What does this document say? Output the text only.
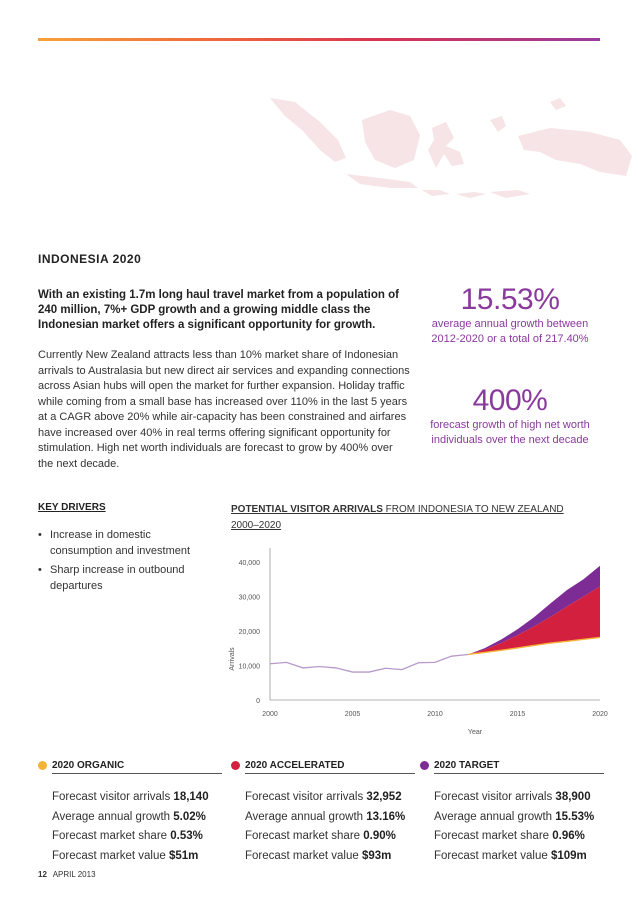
INDONESIA 2020
With an existing 1.7m long haul travel market from a population of 240 million, 7%+ GDP growth and a growing middle class the Indonesian market offers a significant opportunity for growth.
Currently New Zealand attracts less than 10% market share of Indonesian arrivals to Australasia but new direct air services and expanding connections across Asian hubs will open the market for further expansion. Holiday traffic while coming from a small base has increased over 110% in the last 5 years at a CAGR above 20% while air-capacity has been constrained and airfares have increased over 40% in real terms offering significant opportunity for stimulation. High net worth individuals are forecast to grow by 400% over the next decade.
15.53%
average annual growth between 2012-2020 or a total of 217.40%
400%
forecast growth of high net worth individuals over the next decade
KEY DRIVERS
• Increase in domestic consumption and investment
• Sharp increase in outbound departures
POTENTIAL VISITOR ARRIVALS FROM INDONESIA TO NEW ZEALAND
2000–2020
0
10,000
20,000
30,000
40,000
2000	2005	2010	2015	2020
Year
Arrivals
2020 ORGANIC
Forecast visitor arrivals 18,140
Average annual growth 5.02%
Forecast market share 0.53%
Forecast market value $51m
2020 ACCELERATED
Forecast visitor arrivals 32,952
Average annual growth 13.16%
Forecast market share 0.90%
Forecast market value $93m
2020 TARGET
Forecast visitor arrivals 38,900
Average annual growth 15.53%
Forecast market share 0.96%
Forecast market value $109m
12 APRIL 2013
